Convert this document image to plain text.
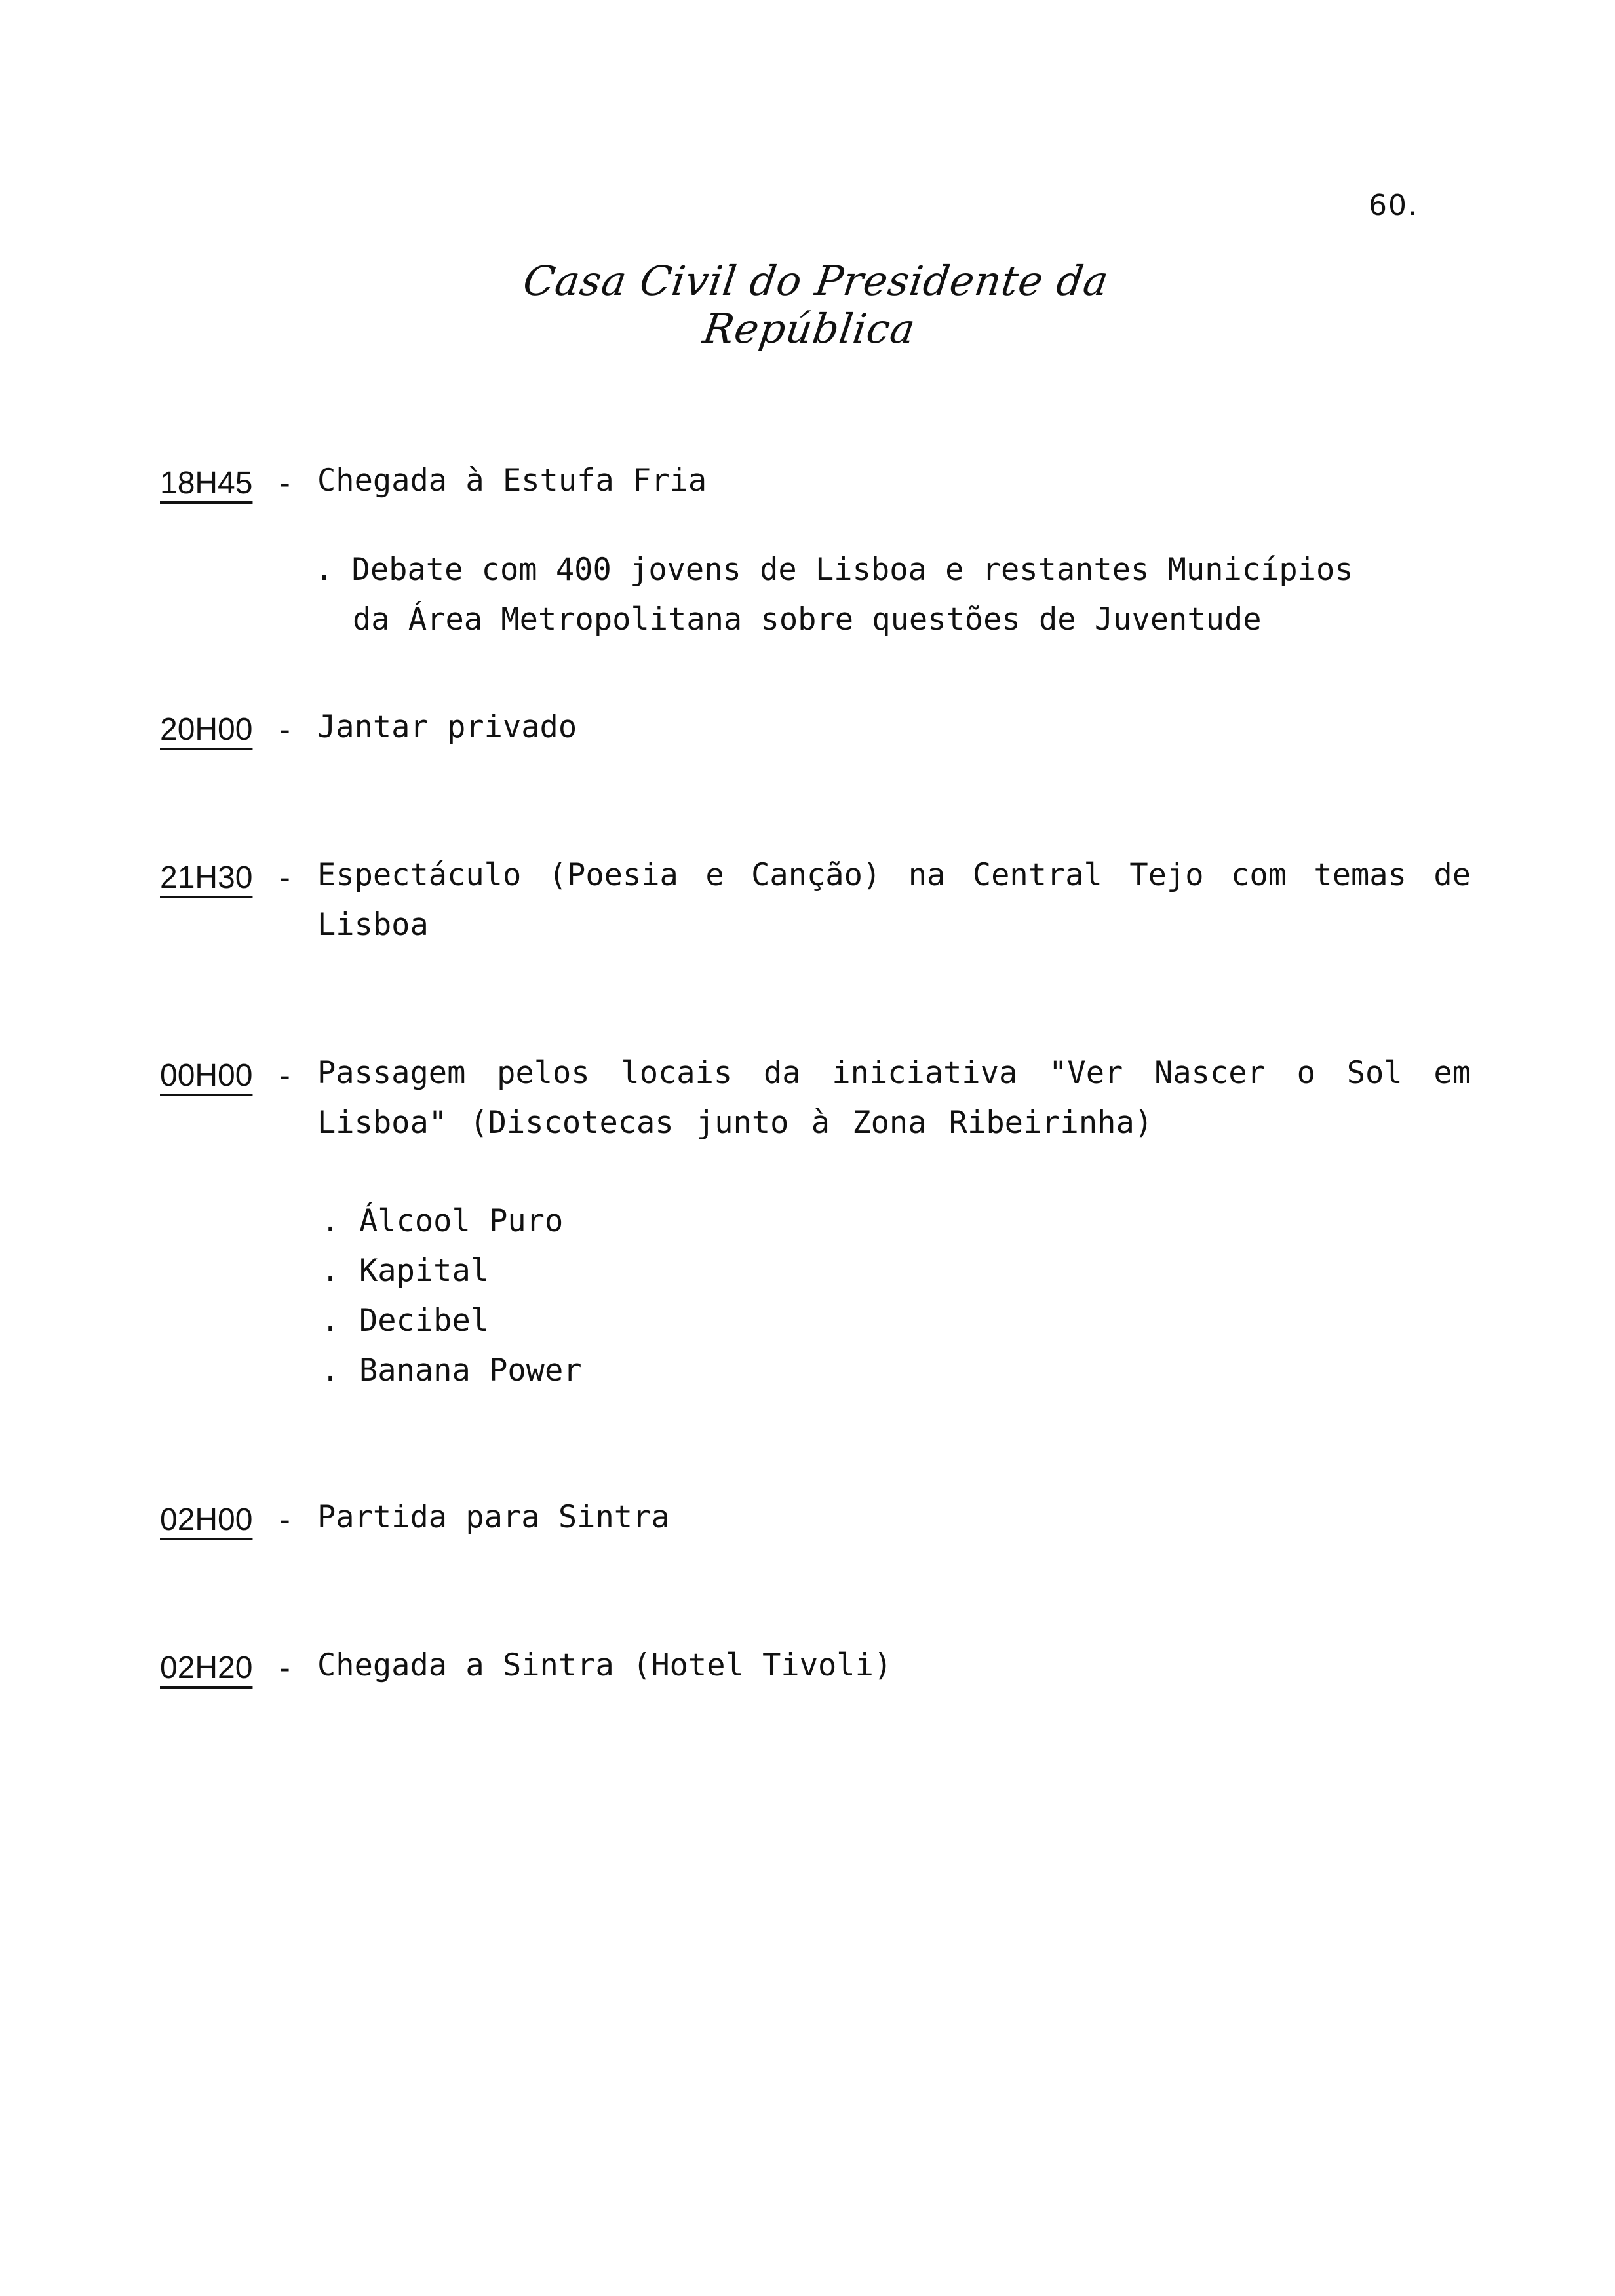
60.
Casa Civil do Presidente da República
18H45 - Chegada à Estufa Fria
. Debate com 400 jovens de Lisboa e restantes Municípios
da Área Metropolitana sobre questões de Juventude
20H00 - Jantar privado
21H30 - Espectáculo (Poesia e Canção) na Central Tejo com temas de Lisboa
00H00 - Passagem pelos locais da iniciativa "Ver Nascer o Sol em Lisboa" (Discotecas junto à Zona Ribeirinha)
. Álcool Puro
. Kapital
. Decibel
. Banana Power
02H00 - Partida para Sintra
02H20 - Chegada a Sintra (Hotel Tivoli)
